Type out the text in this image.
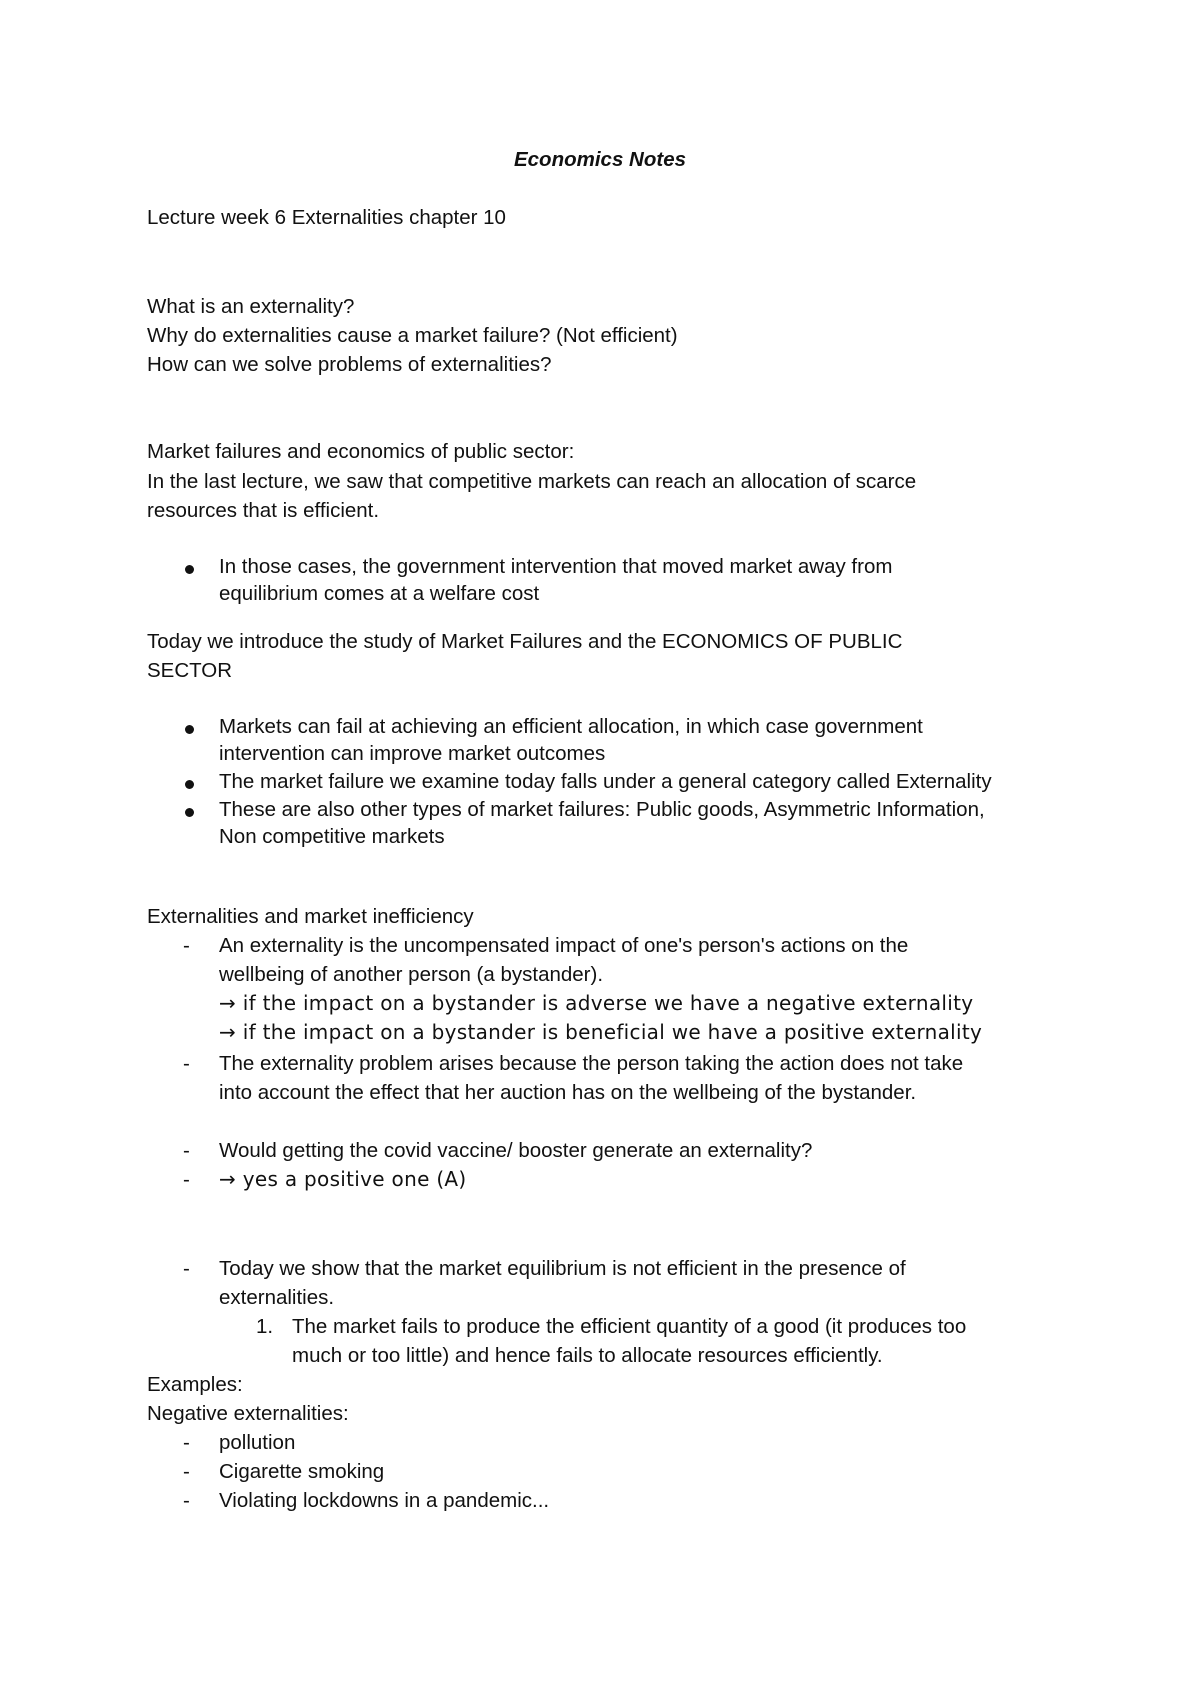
Economics Notes

Lecture week 6 Externalities chapter 10

What is an externality?

Why do externalities cause a market failure? (Not efficient)

How can we solve problems of externalities?

Market failures and economics of public sector:

In the last lecture, we saw that competitive markets can reach an allocation of scarce

resources that is efficient.

In those cases, the government intervention that moved market away from
equilibrium comes at a welfare cost

Today we introduce the study of Market Failures and the ECONOMICS OF PUBLIC

SECTOR

Markets can fail at achieving an efficient allocation, in which case government
intervention can improve market outcomes
The market failure we examine today falls under a general category called Externality
These are also other types of market failures: Public goods, Asymmetric Information,
Non competitive markets

Externalities and market inefficiency

- An externality is the uncompensated impact of one's person's actions on the
wellbeing of another person (a bystander).
→ if the impact on a bystander is adverse we have a negative externality
→ if the impact on a bystander is beneficial we have a positive externality
- The externality problem arises because the person taking the action does not take
into account the effect that her auction has on the wellbeing of the bystander.
- Would getting the covid vaccine/ booster generate an externality?
- → yes a positive one (A)
- Today we show that the market equilibrium is not efficient in the presence of
externalities.
1. The market fails to produce the efficient quantity of a good (it produces too
much or too little) and hence fails to allocate resources efficiently.

Examples:

Negative externalities:

- pollution
- Cigarette smoking
- Violating lockdowns in a pandemic...
